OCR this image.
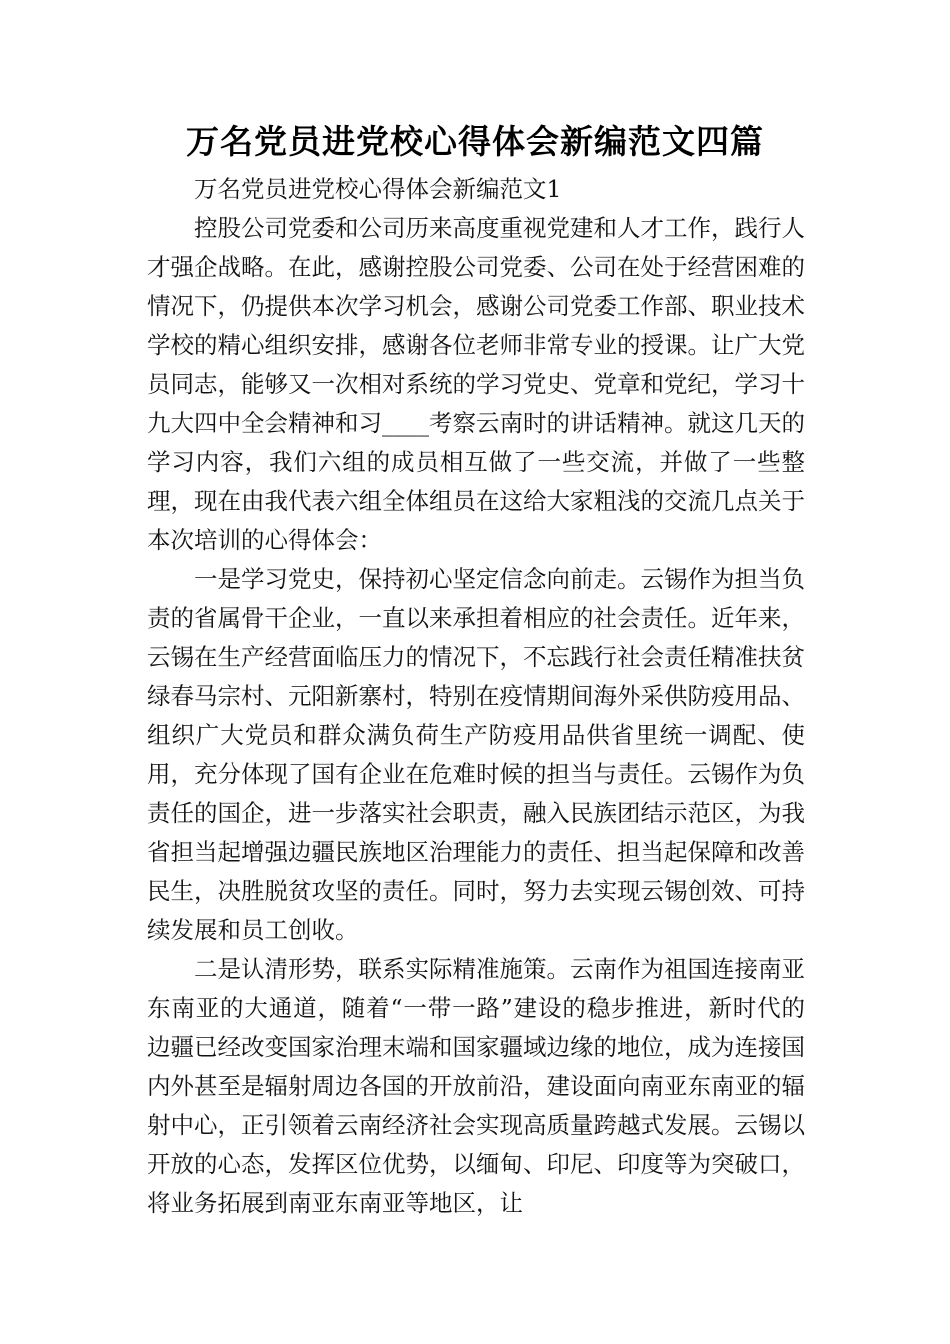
万名党员进党校心得体会新编范文四篇

万名党员进党校心得体会新编范文1

控股公司党委和公司历来高度重视党建和人才工作，践行人才强企战略。在此，感谢控股公司党委、公司在处于经营困难的情况下，仍提供本次学习机会，感谢公司党委工作部、职业技术学校的精心组织安排，感谢各位老师非常专业的授课。让广大党员同志，能够又一次相对系统的学习党史、党章和党纪，学习十九大四中全会精神和习____考察云南时的讲话精神。就这几天的学习内容，我们六组的成员相互做了一些交流，并做了一些整理，现在由我代表六组全体组员在这给大家粗浅的交流几点关于本次培训的心得体会：

一是学习党史，保持初心坚定信念向前走。云锡作为担当负责的省属骨干企业，一直以来承担着相应的社会责任。近年来，云锡在生产经营面临压力的情况下，不忘践行社会责任精准扶贫绿春马宗村、元阳新寨村，特别在疫情期间海外采供防疫用品、组织广大党员和群众满负荷生产防疫用品供省里统一调配、使用，充分体现了国有企业在危难时候的担当与责任。云锡作为负责任的国企，进一步落实社会职责，融入民族团结示范区，为我省担当起增强边疆民族地区治理能力的责任、担当起保障和改善民生，决胜脱贫攻坚的责任。同时，努力去实现云锡创效、可持续发展和员工创收。

二是认清形势，联系实际精准施策。云南作为祖国连接南亚东南亚的大通道，随着“一带一路”建设的稳步推进，新时代的边疆已经改变国家治理末端和国家疆域边缘的地位，成为连接国内外甚至是辐射周边各国的开放前沿，建设面向南亚东南亚的辐射中心，正引领着云南经济社会实现高质量跨越式发展。云锡以开放的心态，发挥区位优势，以缅甸、印尼、印度等为突破口，将业务拓展到南亚东南亚等地区，让
